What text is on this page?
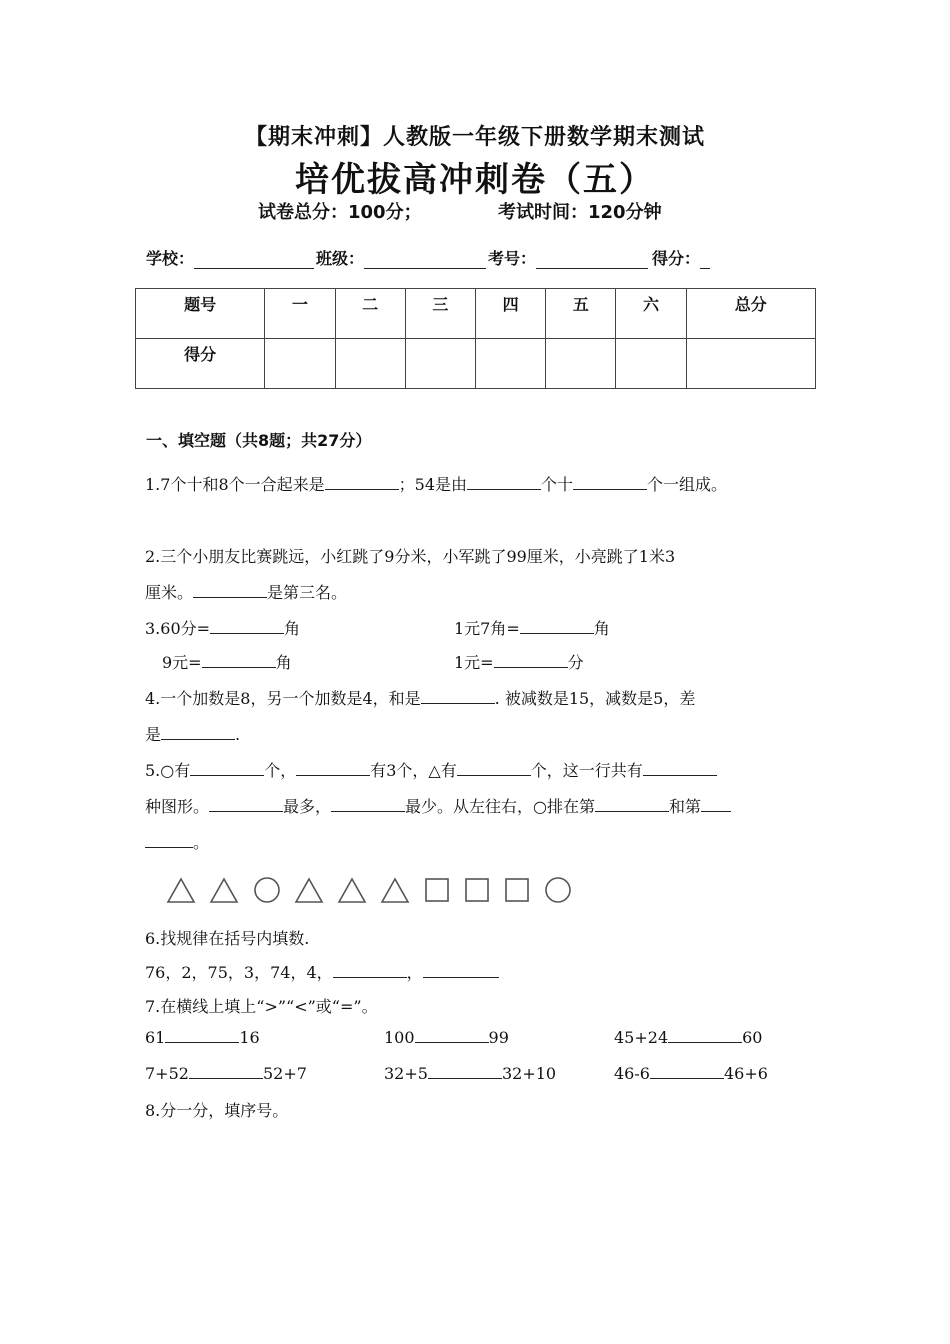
【期末冲刺】人教版一年级下册数学期末测试
培优拔高冲刺卷（五）
试卷总分：100分；	考试时间：120分钟
学校：	班级：	考号：	得分：
题号	一	二	三	四	五	六	总分
得分							
一、填空题（共8题；共27分）
1.7个十和8个一合起来是	；54是由	个十	个一组成。
2.三个小朋友比赛跳远，小红跳了9分米，小军跳了99厘米，小亮跳了1米3
厘米。	是第三名。
3.60分=	角	1元7角=	角
9元=	角	1元=	分
4.一个加数是8，另一个加数是4，和是	. 被减数是15，减数是5，差
是	.
5.○有	个，	有3个，△有	个，这一行共有
种图形。	最多，	最少。从左往右，○排在第	和第
。
6.找规律在括号内填数.
76，2，75，3，74，4，	，
7.在横线上填上“>”“<”或“=”。
61	16	100	99	45+24	60
7+52	52+7	32+5	32+10	46-6	46+6
8.分一分，填序号。
